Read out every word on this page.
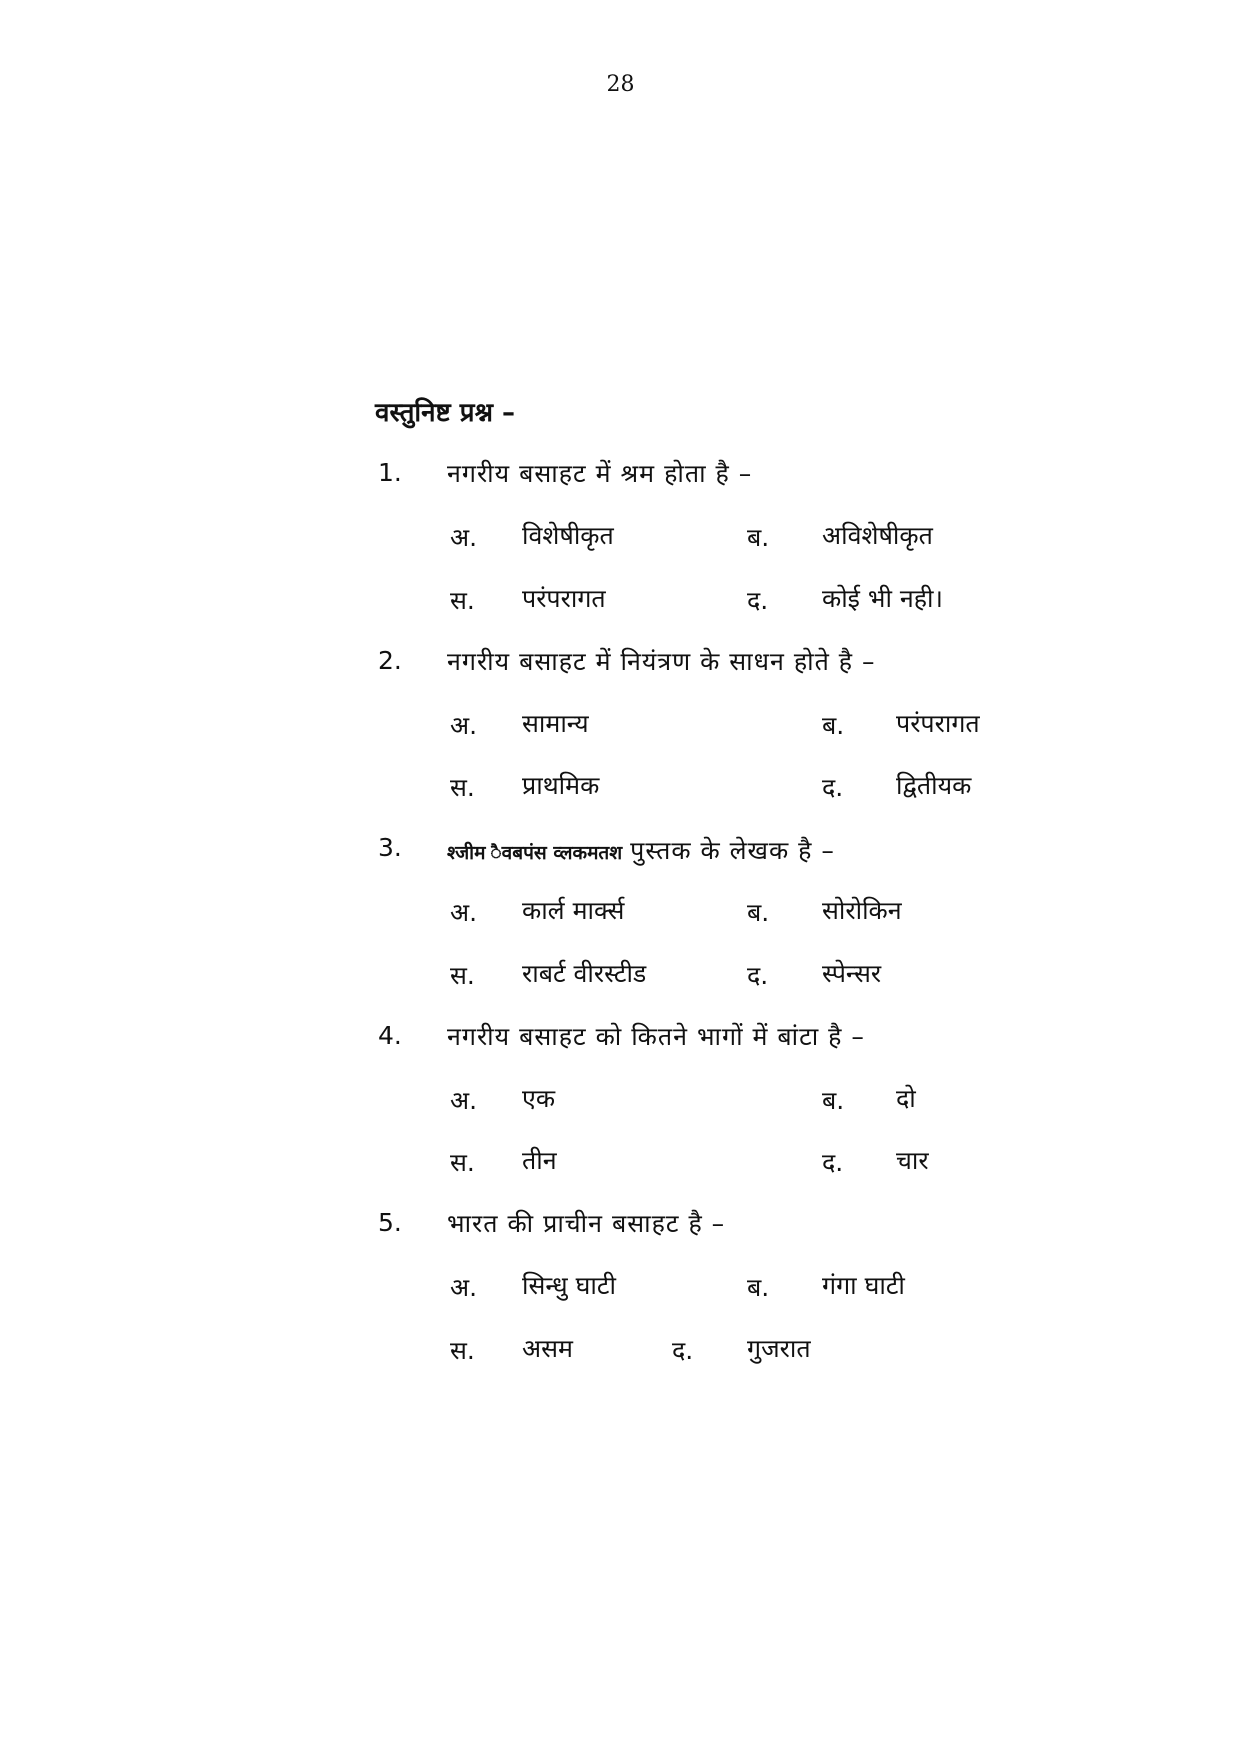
28
वस्तुनिष्ट प्रश्न –
1. नगरीय बसाहट में श्रम होता है –
अ. विशेषीकृत	ब. अविशेषीकृत
स. परंपरागत	द. कोई भी नही।
2. नगरीय बसाहट में नियंत्रण के साधन होते है –
अ. सामान्य	ब. परंपरागत
स. प्राथमिक	द. द्वितीयक
3. श्जीम ैवबपंस व्लकमतश पुस्तक के लेखक है –
अ. कार्ल मार्क्स	ब. सोरोकिन
स. राबर्ट वीरस्टीड	द. स्पेन्सर
4. नगरीय बसाहट को कितने भागों में बांटा है –
अ. एक	ब. दो
स. तीन	द. चार
5. भारत की प्राचीन बसाहट है –
अ. सिन्धु घाटी	ब. गंगा घाटी
स. असम	द. गुजरात
